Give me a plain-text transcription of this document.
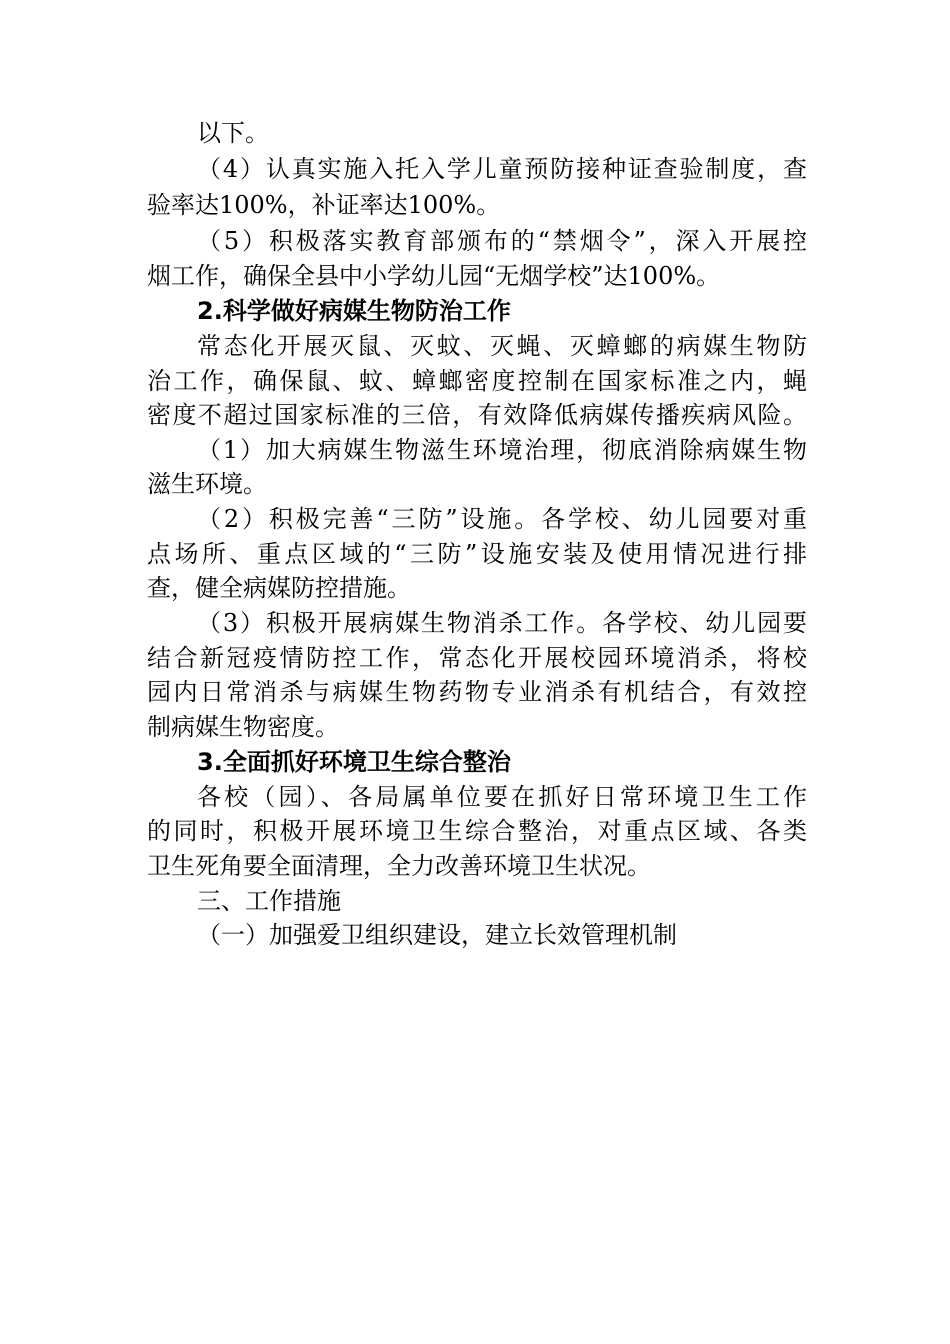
以下。
（4）认真实施入托入学儿童预防接种证查验制度，查
验率达100%，补证率达100%。
（5）积极落实教育部颁布的“禁烟令”，深入开展控
烟工作，确保全县中小学幼儿园“无烟学校”达100%。
2.科学做好病媒生物防治工作
常态化开展灭鼠、灭蚊、灭蝇、灭蟑螂的病媒生物防
治工作，确保鼠、蚊、蟑螂密度控制在国家标准之内，蝇
密度不超过国家标准的三倍，有效降低病媒传播疾病风险。
（1）加大病媒生物滋生环境治理，彻底消除病媒生物
滋生环境。
（2）积极完善“三防”设施。各学校、幼儿园要对重
点场所、重点区域的“三防”设施安装及使用情况进行排
查，健全病媒防控措施。
（3）积极开展病媒生物消杀工作。各学校、幼儿园要
结合新冠疫情防控工作，常态化开展校园环境消杀，将校
园内日常消杀与病媒生物药物专业消杀有机结合，有效控
制病媒生物密度。
3.全面抓好环境卫生综合整治
各校（园）、各局属单位要在抓好日常环境卫生工作
的同时，积极开展环境卫生综合整治，对重点区域、各类
卫生死角要全面清理，全力改善环境卫生状况。
三、工作措施
（一）加强爱卫组织建设，建立长效管理机制
